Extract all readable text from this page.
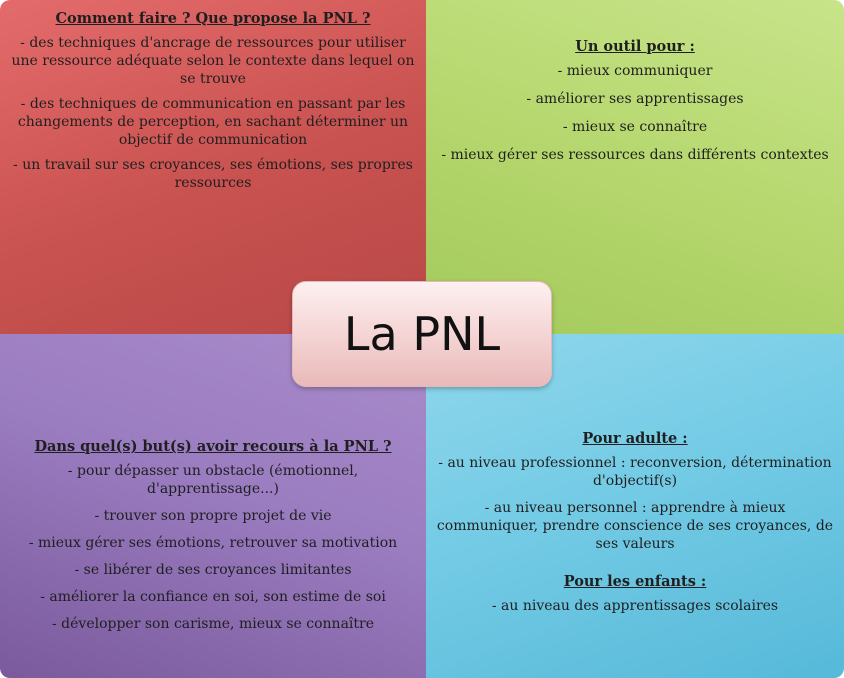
Comment faire ? Que propose la PNL ?

- des techniques d'ancrage de ressources pour utiliser une ressource adéquate selon le contexte dans lequel on se trouve

- des techniques de communication en passant par les changements de perception, en sachant déterminer un objectif de communication

- un travail sur ses croyances, ses émotions, ses propres ressources

Un outil pour :

- mieux communiquer

- améliorer ses apprentissages

- mieux se connaître

- mieux gérer ses ressources dans différents contextes

Dans quel(s) but(s) avoir recours à la PNL ?

- pour dépasser un obstacle (émotionnel, d'apprentissage...)

- trouver son propre projet de vie

- mieux gérer ses émotions, retrouver sa motivation

- se libérer de ses croyances limitantes

- améliorer la confiance en soi, son estime de soi

- développer son carisme, mieux se connaître

Pour adulte :

- au niveau professionnel : reconversion, détermination d'objectif(s)

- au niveau personnel : apprendre à mieux communiquer, prendre conscience de ses croyances, de ses valeurs

Pour les enfants :

- au niveau des apprentissages scolaires

La PNL
